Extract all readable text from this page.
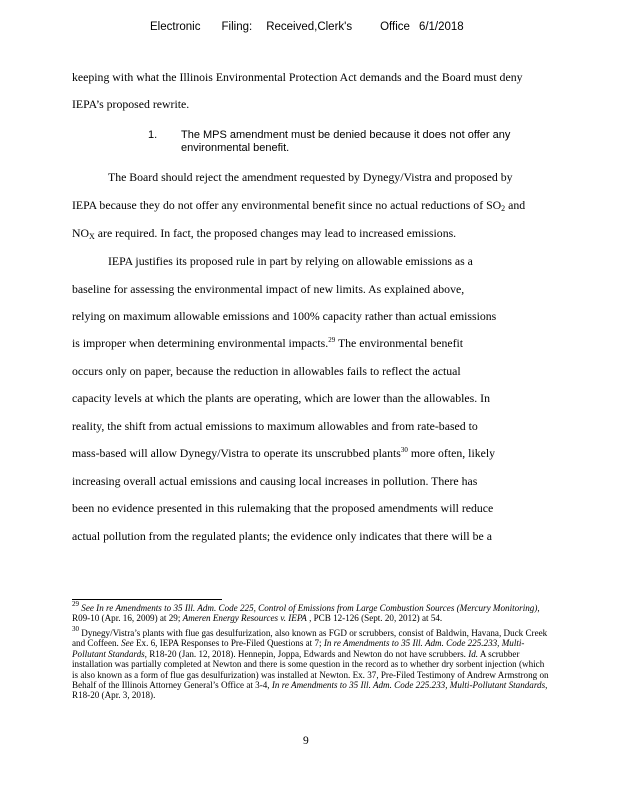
Electronic Filing: Received,Clerk's Office 6/1/2018
keeping with what the Illinois Environmental Protection Act demands and the Board must deny
IEPA’s proposed rewrite.
1. The MPS amendment must be denied because it does not offer any environmental benefit.
The Board should reject the amendment requested by Dynegy/Vistra and proposed by
IEPA because they do not offer any environmental benefit since no actual reductions of $SO_2$ and
$NO_X$ are required. In fact, the proposed changes may lead to increased emissions.
IEPA justifies its proposed rule in part by relying on allowable emissions as a
baseline for assessing the environmental impact of new limits. As explained above,
relying on maximum allowable emissions and 100% capacity rather than actual emissions
is improper when determining environmental impacts.$^{29}$ The environmental benefit
occurs only on paper, because the reduction in allowables fails to reflect the actual
capacity levels at which the plants are operating, which are lower than the allowables. In
reality, the shift from actual emissions to maximum allowables and from rate-based to
mass-based will allow Dynegy/Vistra to operate its unscrubbed plants$^{30}$ more often, likely
increasing overall actual emissions and causing local increases in pollution. There has
been no evidence presented in this rulemaking that the proposed amendments will reduce
actual pollution from the regulated plants; the evidence only indicates that there will be a
$^{29}$ See In re Amendments to 35 Ill. Adm. Code 225, Control of Emissions from Large Combustion Sources (Mercury Monitoring), R09-10 (Apr. 16, 2009) at 29; Ameren Energy Resources v. IEPA , PCB 12-126 (Sept. 20, 2012) at 54.
$^{30}$ Dynegy/Vistra’s plants with flue gas desulfurization, also known as FGD or scrubbers, consist of Baldwin, Havana, Duck Creek and Coffeen. See Ex. 6, IEPA Responses to Pre-Filed Questions at 7; In re Amendments to 35 Ill. Adm. Code 225.233, Multi-Pollutant Standards, R18-20 (Jan. 12, 2018). Hennepin, Joppa, Edwards and Newton do not have scrubbers. Id. A scrubber installation was partially completed at Newton and there is some question in the record as to whether dry sorbent injection (which is also known as a form of flue gas desulfurization) was installed at Newton. Ex. 37, Pre-Filed Testimony of Andrew Armstrong on Behalf of the Illinois Attorney General’s Office at 3-4, In re Amendments to 35 Ill. Adm. Code 225.233, Multi-Pollutant Standards, R18-20 (Apr. 3, 2018).
9
